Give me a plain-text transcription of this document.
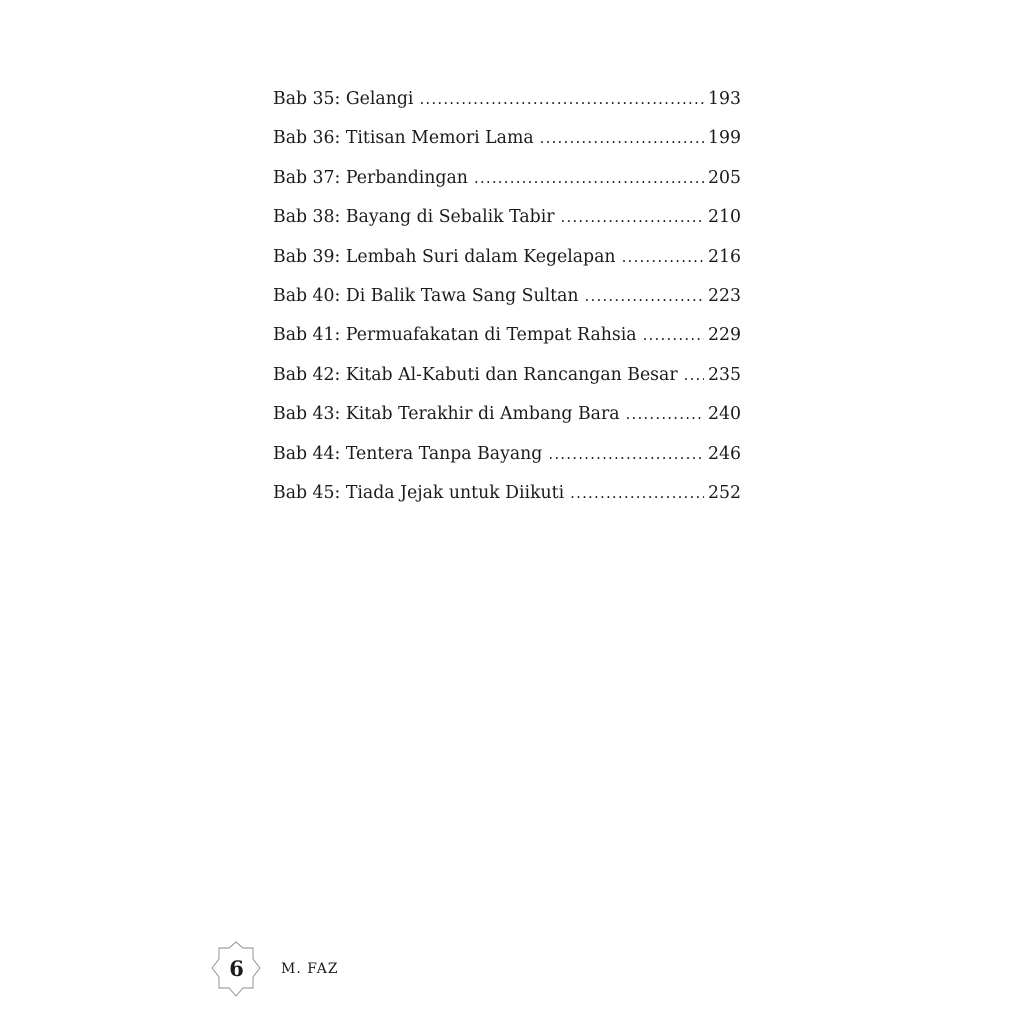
Bab 35: Gelangi .....	193
Bab 36: Titisan Memori Lama .....	199
Bab 37: Perbandingan .....	205
Bab 38: Bayang di Sebalik Tabir .....	210
Bab 39: Lembah Suri dalam Kegelapan .....	216
Bab 40: Di Balik Tawa Sang Sultan .....	223
Bab 41: Permuafakatan di Tempat Rahsia .....	229
Bab 42: Kitab Al-Kabuti dan Rancangan Besar ..... 235
Bab 43: Kitab Terakhir di Ambang Bara .....	240
Bab 44: Tentera Tanpa Bayang .....	246
Bab 45: Tiada Jejak untuk Diikuti .....	252
6	M. FAZ
